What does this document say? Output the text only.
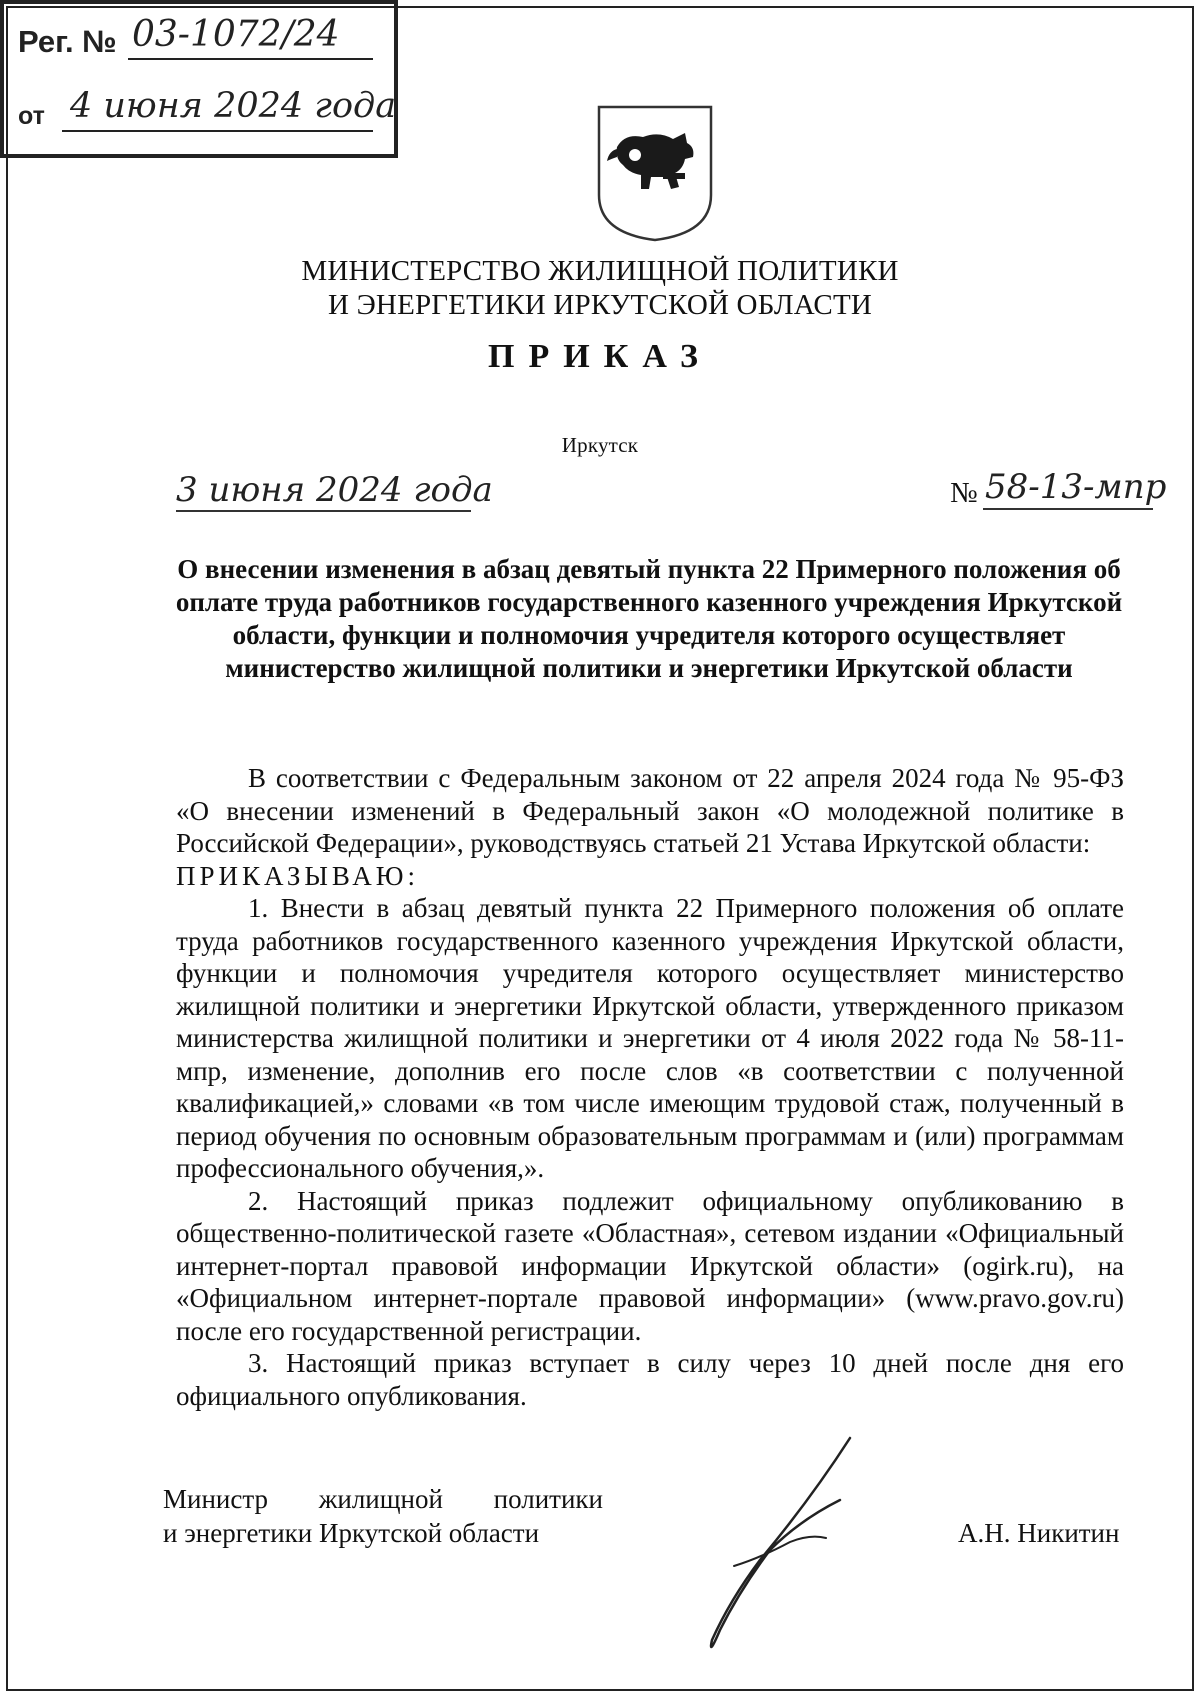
Рег. № 03-1072/24
от 4 июня 2024 года
МИНИСТЕРСТВО ЖИЛИЩНОЙ ПОЛИТИКИ
И ЭНЕРГЕТИКИ ИРКУТСКОЙ ОБЛАСТИ
ПРИКАЗ
Иркутск
3 июня 2024 года	№ 58-13-мпр
О внесении изменения в абзац девятый пункта 22 Примерного положения об оплате труда работников государственного казенного учреждения Иркутской области, функции и полномочия учредителя которого осуществляет министерство жилищной политики и энергетики Иркутской области

В соответствии с Федеральным законом от 22 апреля 2024 года № 95-ФЗ «О внесении изменений в Федеральный закон «О молодежной политике в Российской Федерации», руководствуясь статьей 21 Устава Иркутской области:

ПРИКАЗЫВАЮ:

1. Внести в абзац девятый пункта 22 Примерного положения об оплате труда работников государственного казенного учреждения Иркутской области, функции и полномочия учредителя которого осуществляет министерство жилищной политики и энергетики Иркутской области, утвержденного приказом министерства жилищной политики и энергетики от 4 июля 2022 года № 58-11-мпр, изменение, дополнив его после слов «в соответствии с полученной квалификацией,» словами «в том числе имеющим трудовой стаж, полученный в период обучения по основным образовательным программам и (или) программам профессионального обучения,».

2. Настоящий приказ подлежит официальному опубликованию в общественно-политической газете «Областная», сетевом издании «Официальный интернет-портал правовой информации Иркутской области» (ogirk.ru), на «Официальном интернет-портале правовой информации» (www.pravo.gov.ru) после его государственной регистрации.

3. Настоящий приказ вступает в силу через 10 дней после дня его официального опубликования.

Министр жилищной политики
и энергетики Иркутской области	А.Н. Никитин
